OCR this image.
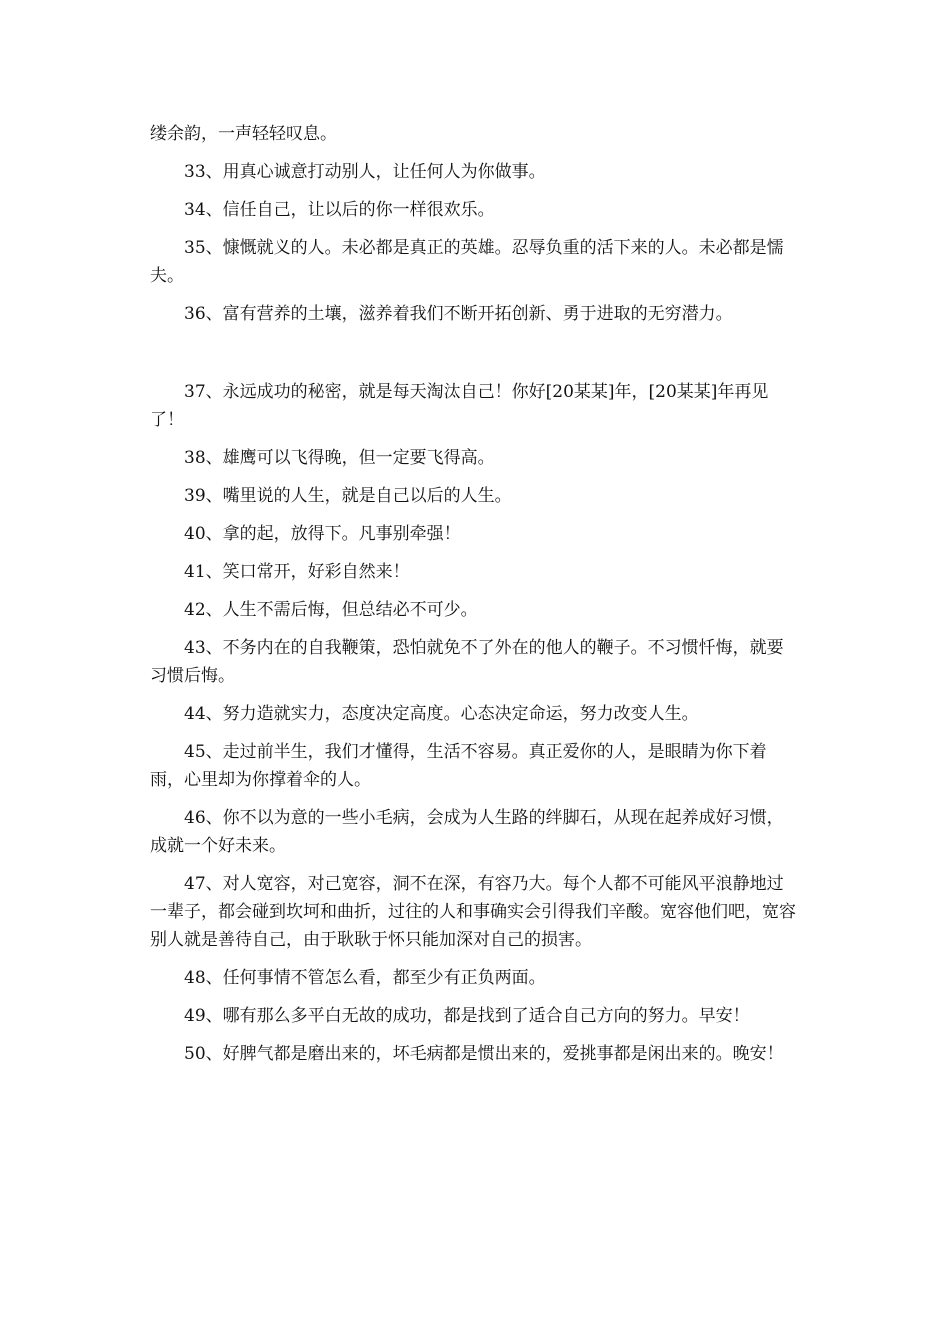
缕余韵，一声轻轻叹息。

33、用真心诚意打动别人，让任何人为你做事。

34、信任自己，让以后的你一样很欢乐。

35、慷慨就义的人。未必都是真正的英雄。忍辱负重的活下来的人。未必都是懦夫。

36、富有营养的土壤，滋养着我们不断开拓创新、勇于进取的无穷潜力。

37、永远成功的秘密，就是每天淘汰自己！你好[20某某]年，[20某某]年再见了！

38、雄鹰可以飞得晚，但一定要飞得高。

39、嘴里说的人生，就是自己以后的人生。

40、拿的起，放得下。凡事别牵强！

41、笑口常开，好彩自然来！

42、人生不需后悔，但总结必不可少。

43、不务内在的自我鞭策，恐怕就免不了外在的他人的鞭子。不习惯忏悔，就要习惯后悔。

44、努力造就实力，态度决定高度。心态决定命运，努力改变人生。

45、走过前半生，我们才懂得，生活不容易。真正爱你的人，是眼睛为你下着雨，心里却为你撑着伞的人。

46、你不以为意的一些小毛病，会成为人生路的绊脚石，从现在起养成好习惯，成就一个好未来。

47、对人宽容，对己宽容，洞不在深，有容乃大。每个人都不可能风平浪静地过一辈子，都会碰到坎坷和曲折，过往的人和事确实会引得我们辛酸。宽容他们吧，宽容别人就是善待自己，由于耿耿于怀只能加深对自己的损害。

48、任何事情不管怎么看，都至少有正负两面。

49、哪有那么多平白无故的成功，都是找到了适合自己方向的努力。早安！

50、好脾气都是磨出来的，坏毛病都是惯出来的，爱挑事都是闲出来的。晚安！
